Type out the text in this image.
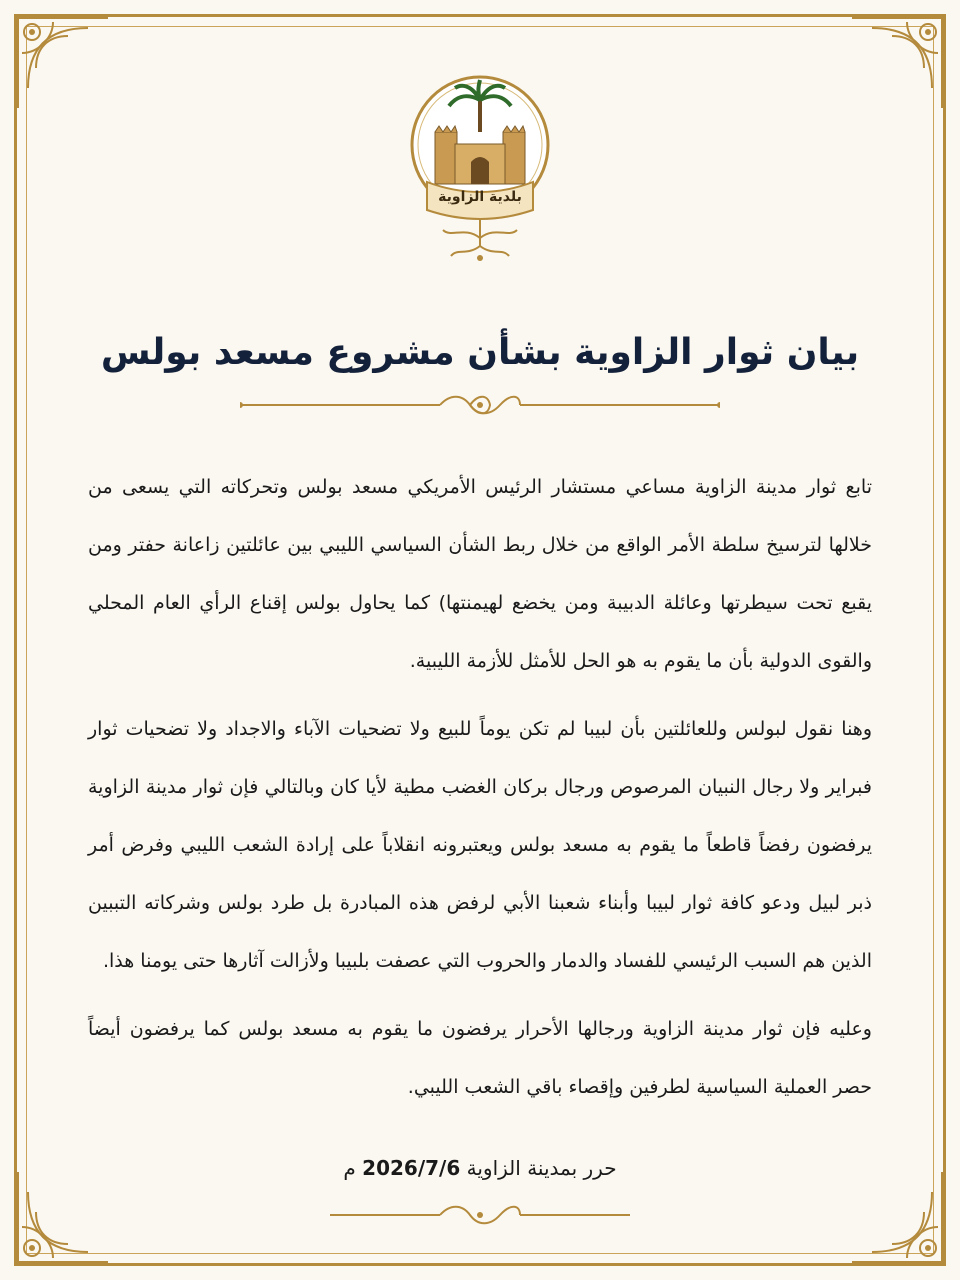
بلدية الزاوية
بيان ثوار الزاوية بشأن مشروع مسعد بولس

تابع ثوار مدينة الزاوية مساعي مستشار الرئيس الأمريكي مسعد بولس وتحركاته التي يسعى من خلالها لترسيخ سلطة الأمر الواقع من خلال ربط الشأن السياسي الليبي بين عائلتين زاعانة حفتر ومن يقبع تحت سيطرتها وعائلة الدبيبة ومن يخضع لهيمنتها) كما يحاول بولس إقناع الرأي العام المحلي والقوى الدولية بأن ما يقوم به هو الحل للأمثل للأزمة الليبية.

وهنا نقول لبولس وللعائلتين بأن لبيبا لم تكن يوماً للبيع ولا تضحيات الآباء والاجداد ولا تضحيات ثوار فبراير ولا رجال النبيان المرصوص ورجال بركان الغضب مطية لأيا كان وبالتالي فإن ثوار مدينة الزاوية يرفضون رفضاً قاطعاً ما يقوم به مسعد بولس ويعتبرونه انقلاباً على إرادة الشعب الليبي وفرض أمر ذبر لبيل ودعو كافة ثوار لبيبا وأبناء شعبنا الأبي لرفض هذه المبادرة بل طرد بولس وشركاته التببين الذين هم السبب الرئيسي للفساد والدمار والحروب التي عصفت بلبيبا ولأزالت آثارها حتى يومنا هذا.

وعليه فإن ثوار مدينة الزاوية ورجالها الأحرار يرفضون ما يقوم به مسعد بولس كما يرفضون أيضاً حصر العملية السياسية لطرفين وإقصاء باقي الشعب الليبي.

حرر بمدينة الزاوية 2026/7/6 م
